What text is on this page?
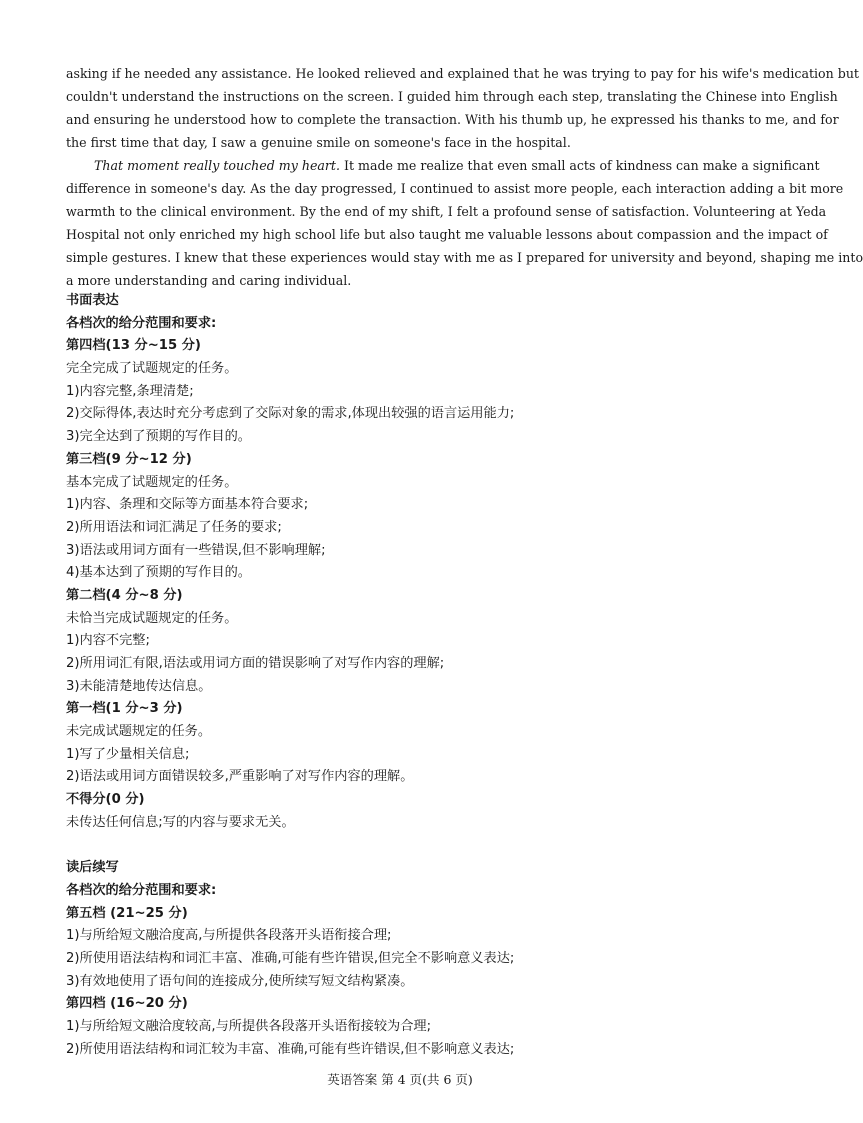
asking if he needed any assistance. He looked relieved and explained that he was trying to pay for his wife's medication but
couldn't understand the instructions on the screen. I guided him through each step, translating the Chinese into English
and ensuring he understood how to complete the transaction. With his thumb up, he expressed his thanks to me, and for
the first time that day, I saw a genuine smile on someone's face in the hospital.
That moment really touched my heart. It made me realize that even small acts of kindness can make a significant
difference in someone's day. As the day progressed, I continued to assist more people, each interaction adding a bit more
warmth to the clinical environment. By the end of my shift, I felt a profound sense of satisfaction. Volunteering at Yeda
Hospital not only enriched my high school life but also taught me valuable lessons about compassion and the impact of
simple gestures. I knew that these experiences would stay with me as I prepared for university and beyond, shaping me into
a more understanding and caring individual.
书面表达
各档次的给分范围和要求:
第四档(13 分~15 分)
完全完成了试题规定的任务。
1)内容完整,条理清楚;
2)交际得体,表达时充分考虑到了交际对象的需求,体现出较强的语言运用能力;
3)完全达到了预期的写作目的。
第三档(9 分~12 分)
基本完成了试题规定的任务。
1)内容、条理和交际等方面基本符合要求;
2)所用语法和词汇满足了任务的要求;
3)语法或用词方面有一些错误,但不影响理解;
4)基本达到了预期的写作目的。
第二档(4 分~8 分)
未恰当完成试题规定的任务。
1)内容不完整;
2)所用词汇有限,语法或用词方面的错误影响了对写作内容的理解;
3)未能清楚地传达信息。
第一档(1 分~3 分)
未完成试题规定的任务。
1)写了少量相关信息;
2)语法或用词方面错误较多,严重影响了对写作内容的理解。
不得分(0 分)
未传达任何信息;写的内容与要求无关。
读后续写
各档次的给分范围和要求:
第五档 (21~25 分)
1)与所给短文融洽度高,与所提供各段落开头语衔接合理;
2)所使用语法结构和词汇丰富、准确,可能有些许错误,但完全不影响意义表达;
3)有效地使用了语句间的连接成分,使所续写短文结构紧凑。
第四档 (16~20 分)
1)与所给短文融洽度较高,与所提供各段落开头语衔接较为合理;
2)所使用语法结构和词汇较为丰富、准确,可能有些许错误,但不影响意义表达;
英语答案 第 4 页(共 6 页)
